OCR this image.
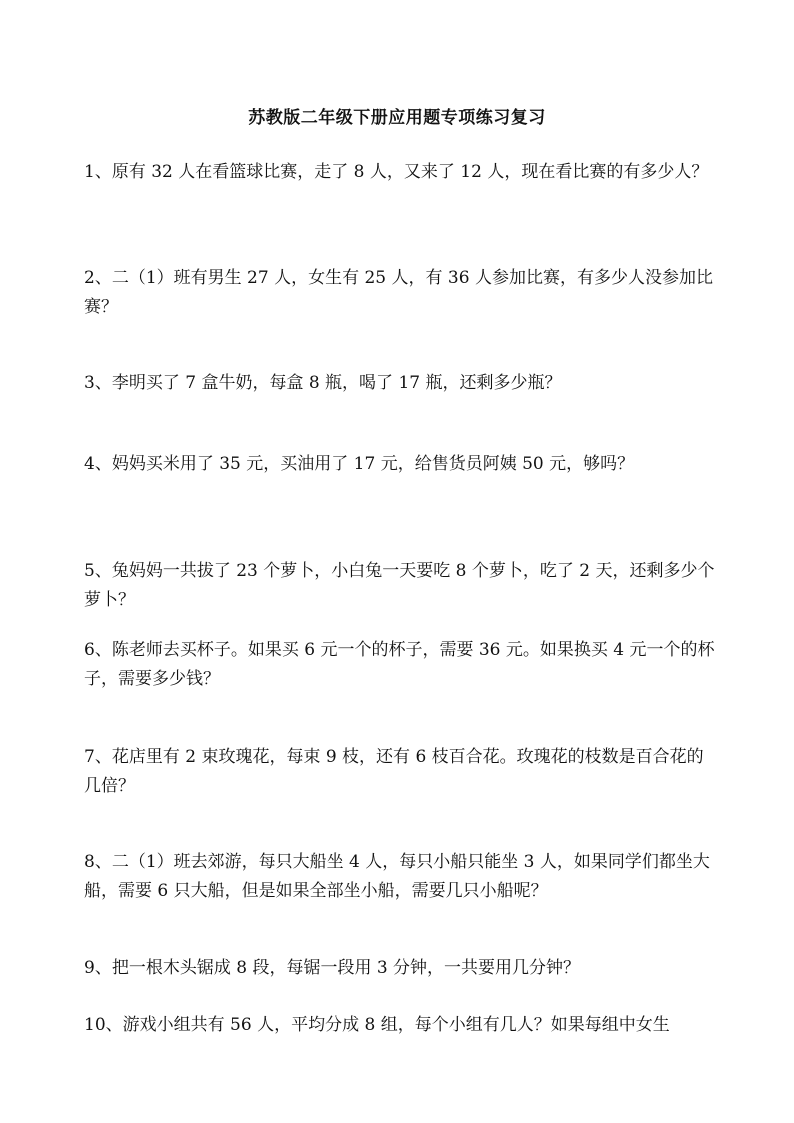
苏教版二年级下册应用题专项练习复习

1、原有 32 人在看篮球比赛，走了 8 人，又来了 12 人，现在看比赛的有多少人？

2、二（1）班有男生 27 人，女生有 25 人，有 36 人参加比赛，有多少人没参加比赛？

3、李明买了 7 盒牛奶，每盒 8 瓶，喝了 17 瓶，还剩多少瓶？

4、妈妈买米用了 35 元，买油用了 17 元，给售货员阿姨 50 元，够吗？

5、兔妈妈一共拔了 23 个萝卜，小白兔一天要吃 8 个萝卜，吃了 2 天，还剩多少个萝卜？

6、陈老师去买杯子。如果买 6 元一个的杯子，需要 36 元。如果换买 4 元一个的杯子，需要多少钱？

7、花店里有 2 束玫瑰花，每束 9 枝，还有 6 枝百合花。玫瑰花的枝数是百合花的几倍？

8、二（1）班去郊游，每只大船坐 4 人，每只小船只能坐 3 人，如果同学们都坐大船，需要 6 只大船，但是如果全部坐小船，需要几只小船呢？

9、把一根木头锯成 8 段，每锯一段用 3 分钟，一共要用几分钟？

10、游戏小组共有 56 人，平均分成 8 组，每个小组有几人？如果每组中女生
